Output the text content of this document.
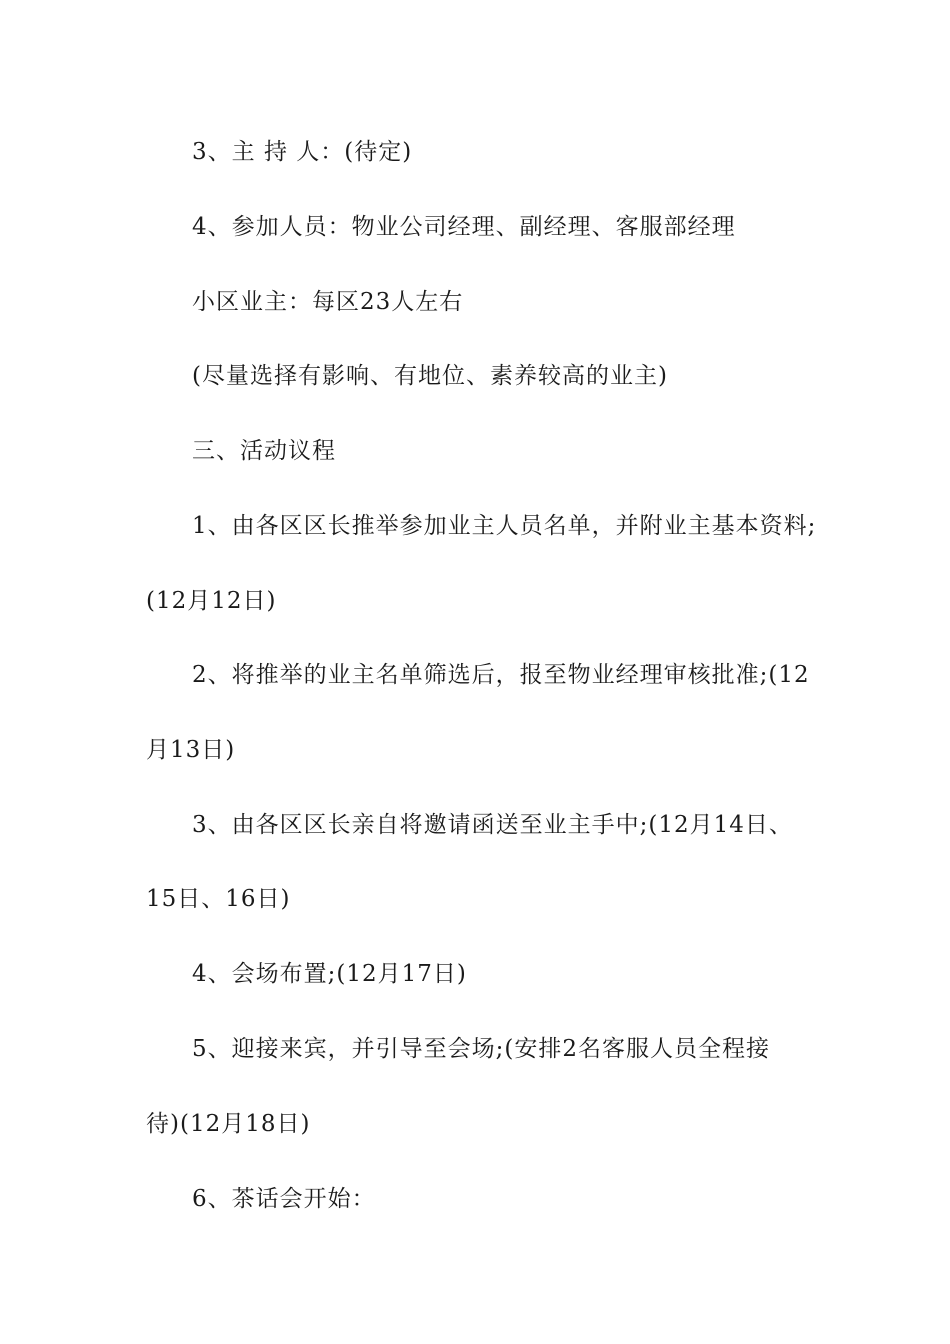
3、主 持 人：(待定)
4、参加人员：物业公司经理、副经理、客服部经理
小区业主：每区23人左右
(尽量选择有影响、有地位、素养较高的业主)
三、活动议程
1、由各区区长推举参加业主人员名单，并附业主基本资料;
(12月12日)
2、将推举的业主名单筛选后，报至物业经理审核批准;(12
月13日)
3、由各区区长亲自将邀请函送至业主手中;(12月14日、
15日、16日)
4、会场布置;(12月17日)
5、迎接来宾，并引导至会场;(安排2名客服人员全程接
待)(12月18日)
6、茶话会开始：
